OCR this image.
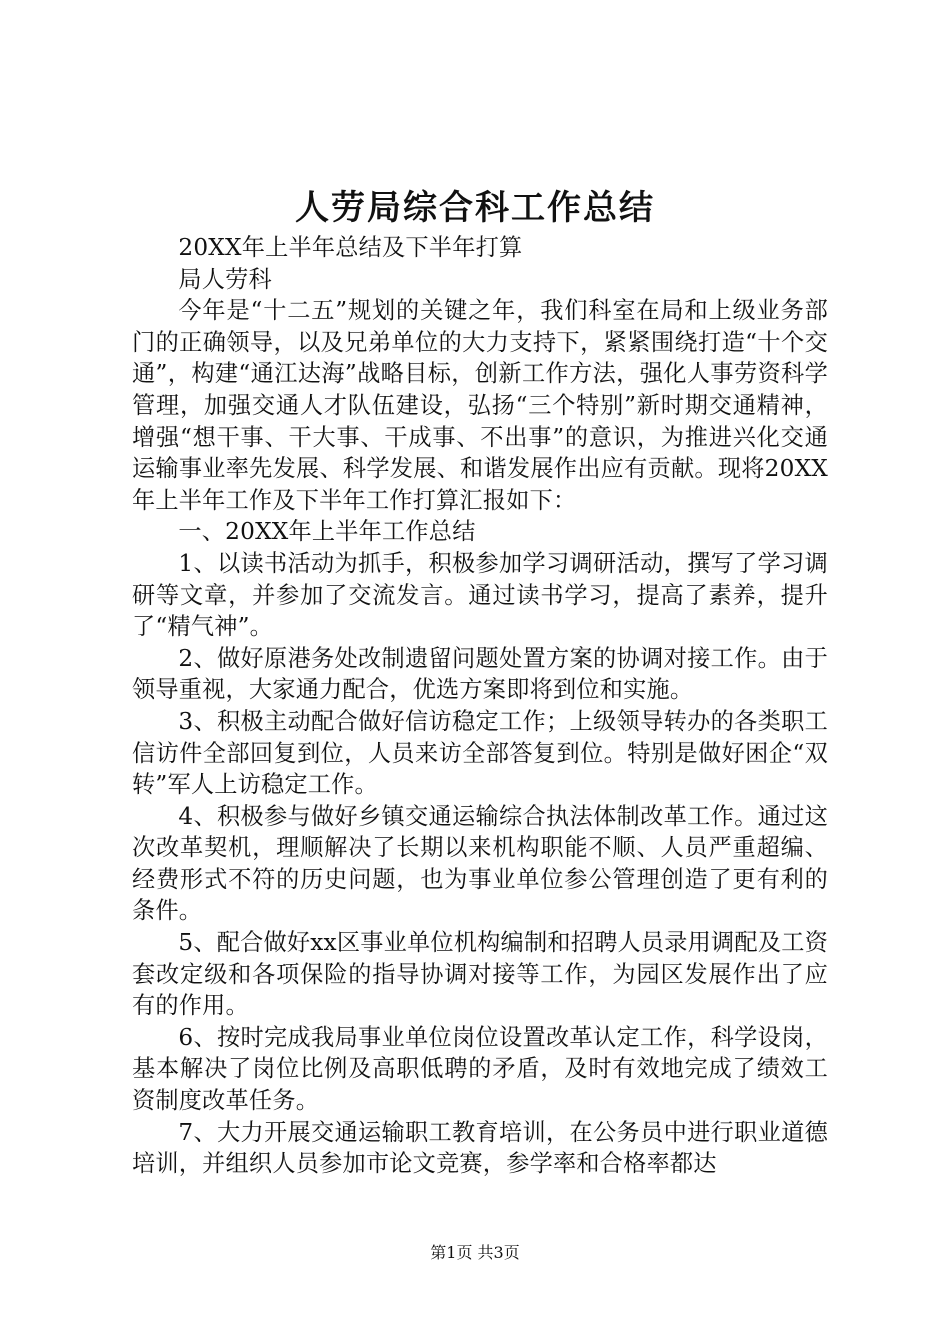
人劳局综合科工作总结

20XX年上半年总结及下半年打算

局人劳科

今年是“十二五”规划的关键之年，我们科室在局和上级业务部门的正确领导，以及兄弟单位的大力支持下，紧紧围绕打造“十个交通”，构建“通江达海”战略目标，创新工作方法，强化人事劳资科学管理，加强交通人才队伍建设，弘扬“三个特别”新时期交通精神，增强“想干事、干大事、干成事、不出事”的意识，为推进兴化交通运输事业率先发展、科学发展、和谐发展作出应有贡献。现将20XX年上半年工作及下半年工作打算汇报如下：

一、20XX年上半年工作总结

1、以读书活动为抓手，积极参加学习调研活动，撰写了学习调研等文章，并参加了交流发言。通过读书学习，提高了素养，提升了“精气神”。

2、做好原港务处改制遗留问题处置方案的协调对接工作。由于领导重视，大家通力配合，优选方案即将到位和实施。

3、积极主动配合做好信访稳定工作；上级领导转办的各类职工信访件全部回复到位，人员来访全部答复到位。特别是做好困企“双转”军人上访稳定工作。

4、积极参与做好乡镇交通运输综合执法体制改革工作。通过这次改革契机，理顺解决了长期以来机构职能不顺、人员严重超编、经费形式不符的历史问题，也为事业单位参公管理创造了更有利的条件。

5、配合做好xx区事业单位机构编制和招聘人员录用调配及工资套改定级和各项保险的指导协调对接等工作，为园区发展作出了应有的作用。

6、按时完成我局事业单位岗位设置改革认定工作，科学设岗，基本解决了岗位比例及高职低聘的矛盾，及时有效地完成了绩效工资制度改革任务。

7、大力开展交通运输职工教育培训，在公务员中进行职业道德培训，并组织人员参加市论文竞赛，参学率和合格率都达

第1页 共3页
